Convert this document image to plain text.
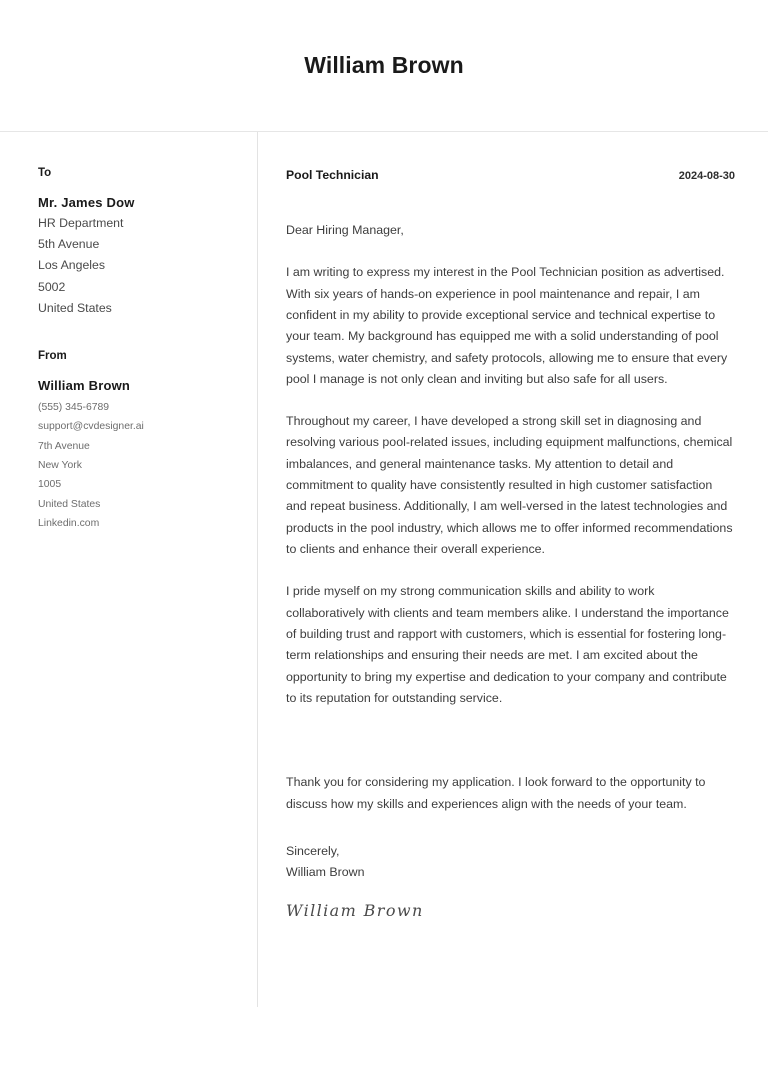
William Brown
To
Mr. James Dow
HR Department
5th Avenue
Los Angeles
5002
United States
From
William Brown
(555) 345-6789
support@cvdesigner.ai
7th Avenue
New York
1005
United States
Linkedin.com
Pool Technician	2024-08-30

Dear Hiring Manager,

I am writing to express my interest in the Pool Technician position as advertised. With six years of hands-on experience in pool maintenance and repair, I am confident in my ability to provide exceptional service and technical expertise to your team. My background has equipped me with a solid understanding of pool systems, water chemistry, and safety protocols, allowing me to ensure that every pool I manage is not only clean and inviting but also safe for all users.

Throughout my career, I have developed a strong skill set in diagnosing and resolving various pool-related issues, including equipment malfunctions, chemical imbalances, and general maintenance tasks. My attention to detail and commitment to quality have consistently resulted in high customer satisfaction and repeat business. Additionally, I am well-versed in the latest technologies and products in the pool industry, which allows me to offer informed recommendations to clients and enhance their overall experience.

I pride myself on my strong communication skills and ability to work collaboratively with clients and team members alike. I understand the importance of building trust and rapport with customers, which is essential for fostering long-term relationships and ensuring their needs are met. I am excited about the opportunity to bring my expertise and dedication to your company and contribute to its reputation for outstanding service.

Thank you for considering my application. I look forward to the opportunity to discuss how my skills and experiences align with the needs of your team.

Sincerely,
William Brown
William Brown
